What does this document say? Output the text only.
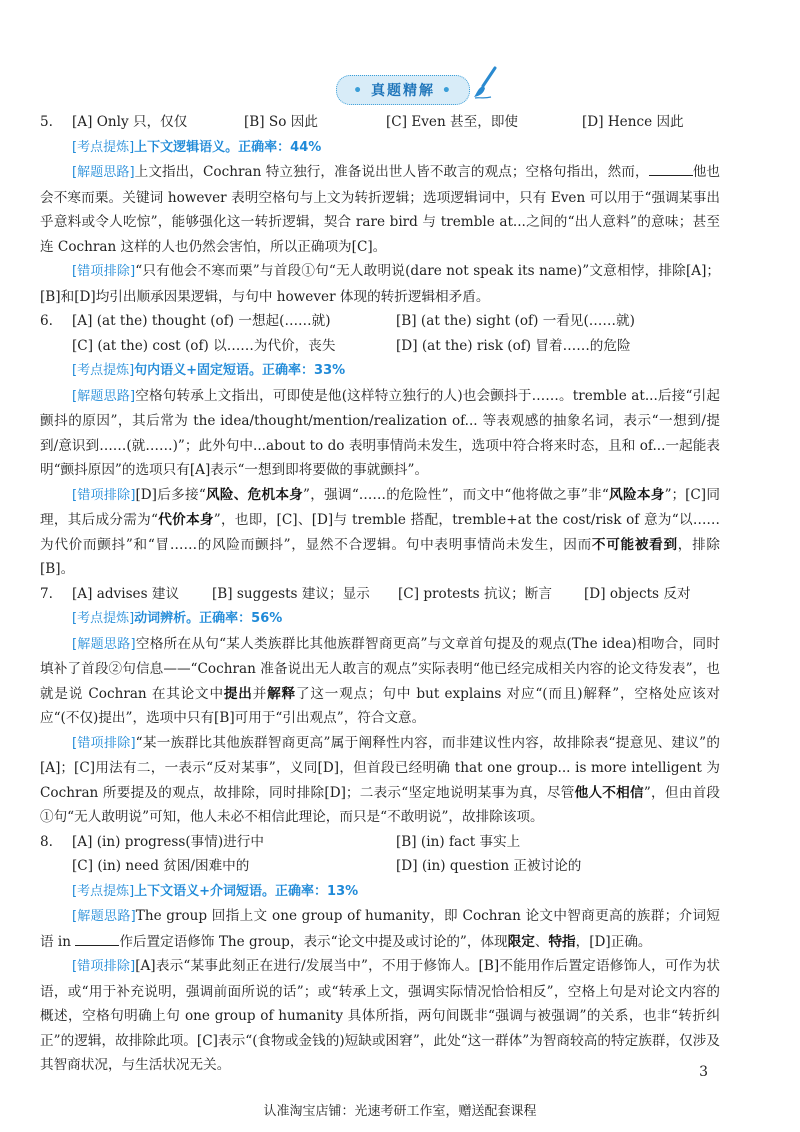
• 真题精解 •
5.	[A] Only 只，仅仅	[B] So 因此	[C] Even 甚至，即使	[D] Hence 因此
[考点提炼]上下文逻辑语义。正确率：44%
[解题思路]上文指出，Cochran 特立独行，准备说出世人皆不敢言的观点；空格句指出，然而，	他也会不寒而栗。关键词 however 表明空格句与上文为转折逻辑；选项逻辑词中，只有 Even 可以用于“强调某事出乎意料或令人吃惊”，能够强化这一转折逻辑，契合 rare bird 与 tremble at...之间的“出人意料”的意味；甚至连 Cochran 这样的人也仍然会害怕，所以正确项为[C]。
[错项排除]“只有他会不寒而栗”与首段①句“无人敢明说(dare not speak its name)”文意相悖，排除[A]；[B]和[D]均引出顺承因果逻辑，与句中 however 体现的转折逻辑相矛盾。
6.	[A] (at the) thought (of) 一想起(……就)	[B] (at the) sight (of) 一看见(……就)
[C] (at the) cost (of) 以……为代价，丧失	[D] (at the) risk (of) 冒着……的危险
[考点提炼]句内语义+固定短语。正确率：33%
[解题思路]空格句转承上文指出，可即使是他(这样特立独行的人)也会颤抖于……。tremble at...后接“引起颤抖的原因”，其后常为 the idea/thought/mention/realization of... 等表观感的抽象名词，表示“一想到/提到/意识到……(就……)”；此外句中...about to do 表明事情尚未发生，选项中符合将来时态，且和 of...一起能表明“颤抖原因”的选项只有[A]表示“一想到即将要做的事就颤抖”。
[错项排除][D]后多接“风险、危机本身”，强调“……的危险性”，而文中“他将做之事”非“风险本身”；[C]同理，其后成分需为“代价本身”，也即，[C]、[D]与 tremble 搭配，tremble+at the cost/risk of 意为“以……为代价而颤抖”和“冒……的风险而颤抖”，显然不合逻辑。句中表明事情尚未发生，因而不可能被看到，排除[B]。
7.	[A] advises 建议	[B] suggests 建议；显示	[C] protests 抗议；断言	[D] objects 反对
[考点提炼]动词辨析。正确率：56%
[解题思路]空格所在从句“某人类族群比其他族群智商更高”与文章首句提及的观点(The idea)相吻合，同时填补了首段②句信息——“Cochran 准备说出无人敢言的观点”实际表明“他已经完成相关内容的论文待发表”，也就是说 Cochran 在其论文中提出并解释了这一观点；句中 but explains 对应“(而且)解释”，空格处应该对应“(不仅)提出”，选项中只有[B]可用于“引出观点”，符合文意。
[错项排除]“某一族群比其他族群智商更高”属于阐释性内容，而非建议性内容，故排除表“提意见、建议”的[A]；[C]用法有二，一表示“反对某事”，义同[D]，但首段已经明确 that one group... is more intelligent 为 Cochran 所要提及的观点，故排除，同时排除[D]；二表示“坚定地说明某事为真，尽管他人不相信”，但由首段①句“无人敢明说”可知，他人未必不相信此理论，而只是“不敢明说”，故排除该项。
8.	[A] (in) progress(事情)进行中	[B] (in) fact 事实上
[C] (in) need 贫困/困难中的	[D] (in) question 正被讨论的
[考点提炼]上下文语义+介词短语。正确率：13%
[解题思路]The group 回指上文 one group of humanity，即 Cochran 论文中智商更高的族群；介词短语 in	作后置定语修饰 The group，表示“论文中提及或讨论的”，体现限定、特指，[D]正确。
[错项排除][A]表示“某事此刻正在进行/发展当中”，不用于修饰人。[B]不能用作后置定语修饰人，可作为状语，或“用于补充说明，强调前面所说的话”；或“转承上文，强调实际情况恰恰相反”，空格上句是对论文内容的概述，空格句明确上句 one group of humanity 具体所指，两句间既非“强调与被强调”的关系，也非“转折纠正”的逻辑，故排除此项。[C]表示“(食物或金钱的)短缺或困窘”，此处“这一群体”为智商较高的特定族群，仅涉及其智商状况，与生活状况无关。	3
认准淘宝店铺：光速考研工作室，赠送配套课程
